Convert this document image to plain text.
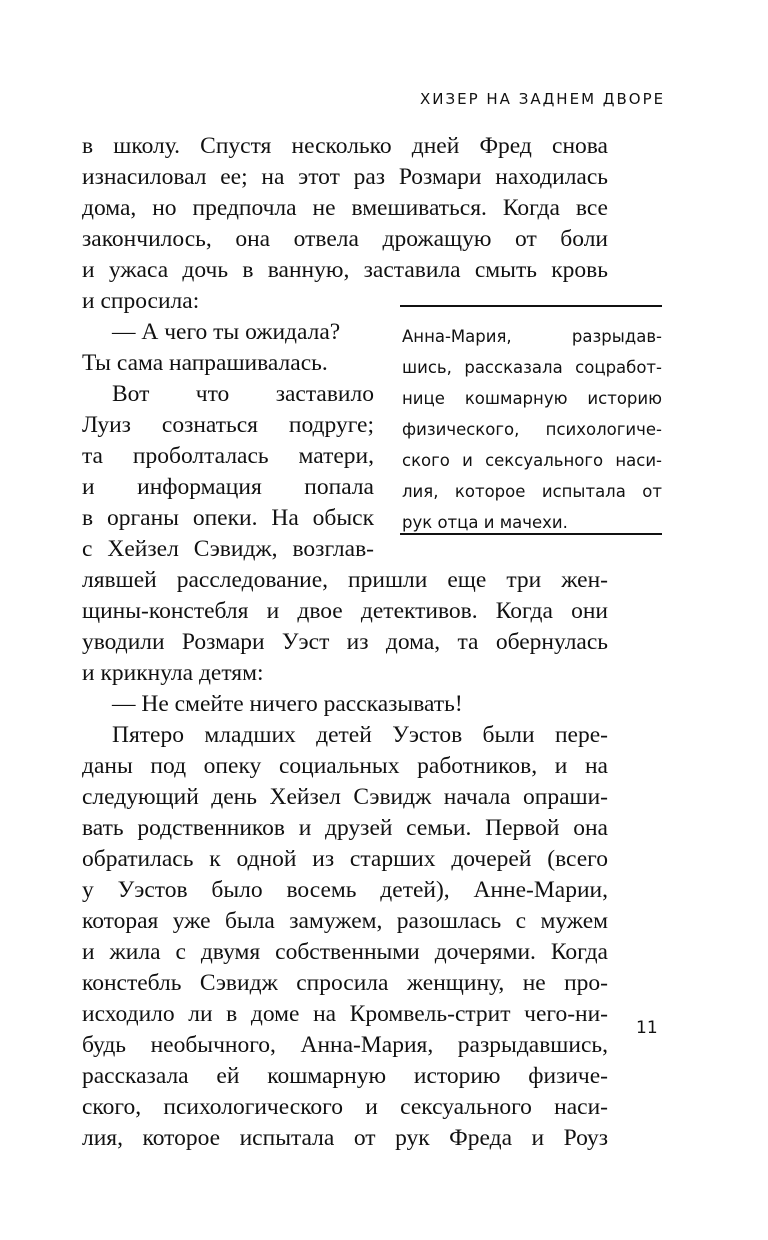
ХИЗЕР НА ЗАДНЕМ ДВОРЕ
в школу. Спустя несколько дней Фред снова
изнасиловал ее; на этот раз Розмари находилась
дома, но предпочла не вмешиваться. Когда все
закончилось, она отвела дрожащую от боли
и ужаса дочь в ванную, заставила смыть кровь
и спросила:
— А чего ты ожидала?
Ты сама напрашивалась.
Вот что заставило
Луиз сознаться подруге;
та проболталась матери,
и информация попала
в органы опеки. На обыск
с Хейзел Сэвидж, возглав-
лявшей расследование, пришли еще три жен-
щины-констебля и двое детективов. Когда они
уводили Розмари Уэст из дома, та обернулась
и крикнула детям:
— Не смейте ничего рассказывать!
Пятеро младших детей Уэстов были пере-
даны под опеку социальных работников, и на
следующий день Хейзел Сэвидж начала опраши-
вать родственников и друзей семьи. Первой она
обратилась к одной из старших дочерей (всего
у Уэстов было восемь детей), Анне-Марии,
которая уже была замужем, разошлась с мужем
и жила с двумя собственными дочерями. Когда
констебль Сэвидж спросила женщину, не про-
исходило ли в доме на Кромвель-стрит чего-ни-
будь необычного, Анна-Мария, разрыдавшись,
рассказала ей кошмарную историю физиче-
ского, психологического и сексуального наси-
лия, которое испытала от рук Фреда и Роуз
Анна-Мария, разрыдав-
шись, рассказала соцработ-
нице кошмарную историю
физического, психологиче-
ского и сексуального наси-
лия, которое испытала от
рук отца и мачехи.
11
